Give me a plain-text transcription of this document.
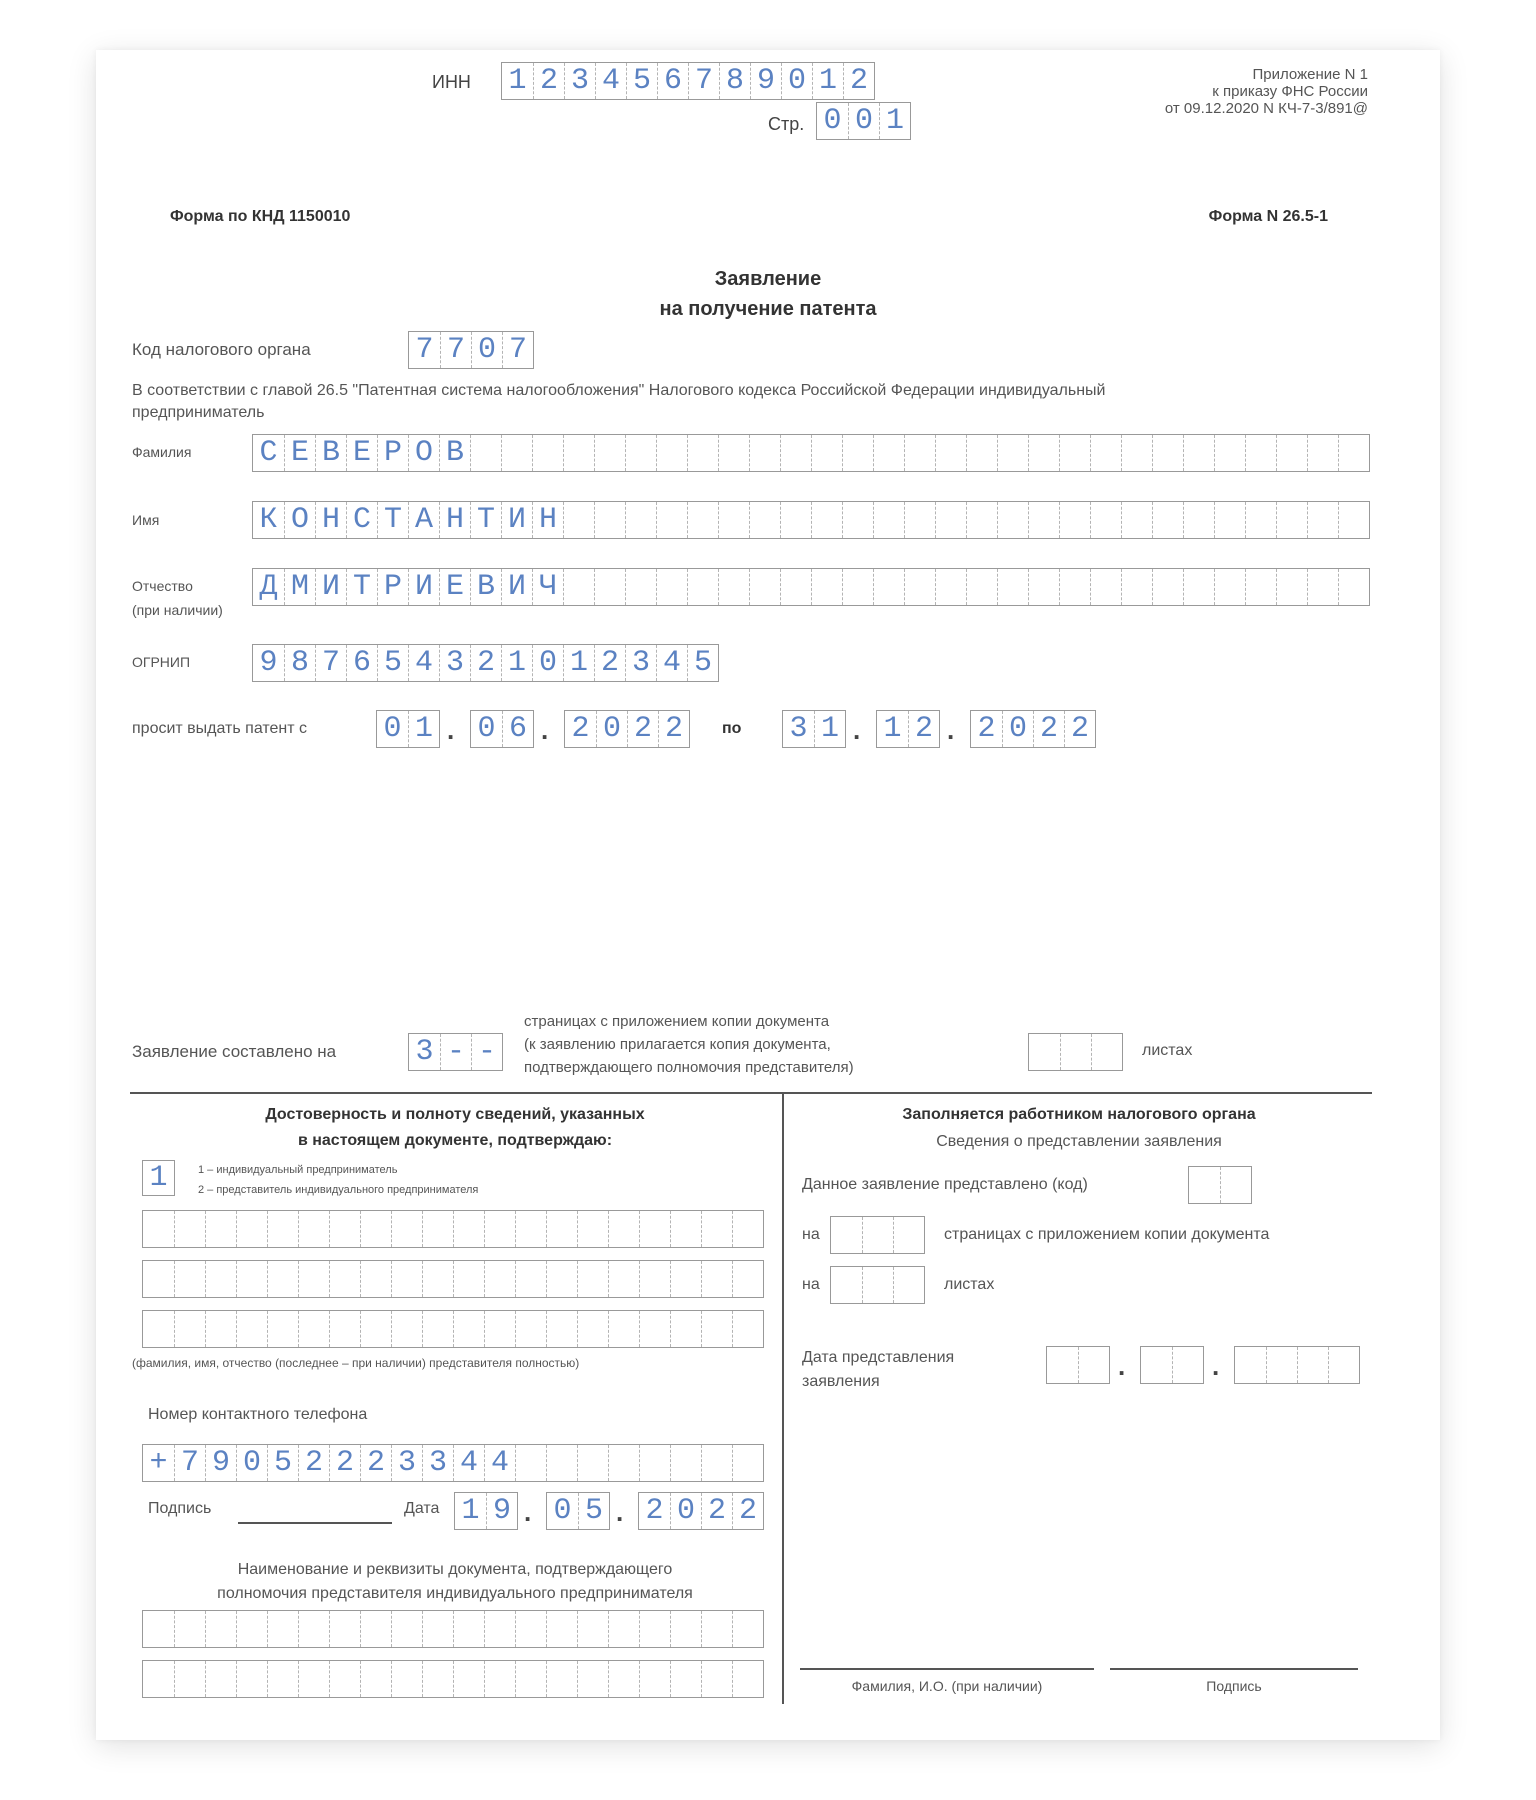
ИНН 1 2 3 4 5 6 7 8 9 0 1 2
Стр. 0 0 1
Приложение N 1
к приказу ФНС России
от 09.12.2020 N КЧ-7-3/891@
Форма по КНД 1150010	Форма N 26.5-1
Заявление
на получение патента
Код налогового органа	7 7 0 7
В соответствии с главой 26.5 "Патентная система налогообложения" Налогового кодекса Российской Федерации индивидуальный
предприниматель
Фамилия С Е В Е Р О В
Имя	К О Н С Т А Н Т И Н
Отчество
(при наличии)
Д М И Т Р И Е В И Ч
ОГРНИП 9 8 7 6 5 4 3 2 1 0 1 2 3 4 5
просит выдать патент с	0 1 . 0 6 . 2 0 2 2	по 3 1 . 1 2 . 2 0 2 2
Заявление составлено на	3 - -
страницах с приложением копии документа
(к заявлению прилагается копия документа,
подтверждающего полномочия представителя)
листах
Достоверность и полноту сведений, указанных
в настоящем документе, подтверждаю:
1	1 – индивидуальный предприниматель
2 – представитель индивидуального предпринимателя
(фамилия, имя, отчество (последнее – при наличии) представителя полностью)
Номер контактного телефона
+ 7 9 0 5 2 2 2 3 3 4 4
Подпись	Дата 1 9 . 0 5 . 2 0 2 2
Наименование и реквизиты документа, подтверждающего
полномочия представителя индивидуального предпринимателя
Заполняется работником налогового органа
Сведения о представлении заявления
Данное заявление представлено (код)
на	страницах с приложением копии документа
на	листах
Дата представления
заявления
.	.
Фамилия, И.О. (при наличии)	Подпись
